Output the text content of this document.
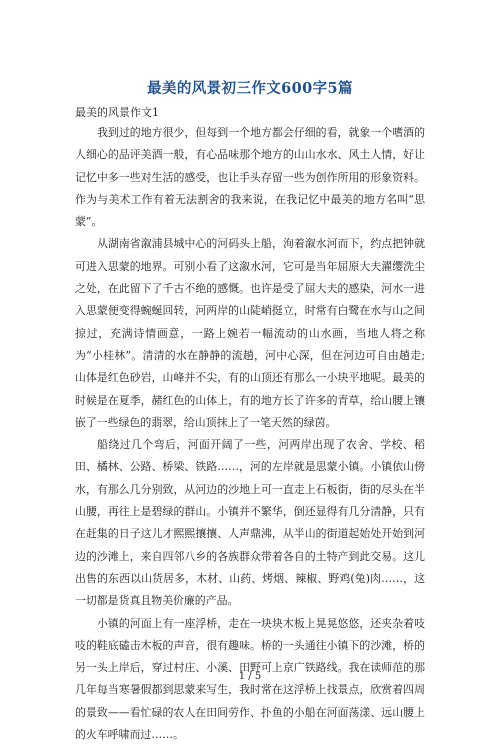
最美的风景初三作文600字5篇
最美的风景作文1

我到过的地方很少，但每到一个地方都会仔细的看，就象一个嗜酒的人细心的品评美酒一般，有心品味那个地方的山山水水、风土人情，好让记忆中多一些对生活的感受，也让手头存留一些为创作所用的形象资料。作为与美术工作有着无法割舍的我来说，在我记忆中最美的地方名叫“思蒙”。

从湖南省溆浦县城中心的河码头上船，洵着溆水河而下，约点把钟就可进入思蒙的地界。可别小看了这溆水河，它可是当年屈原大夫濯缨洗尘之处，在此留下了千古不绝的感慨。也许是受了屈大夫的感染，河水一进入思蒙便变得蜿蜒回转，河两岸的山陡峭挺立，时常有白鹭在水与山之间掠过，充满诗情画意，一路上婉若一幅流动的山水画，当地人将之称为“小桂林”。清清的水在静静的流趟，河中心深，但在河边可自由趟走;山体是红色砂岩，山峰并不尖，有的山顶还有那么一小块平地呢。最美的时候是在夏季，赭红色的山体上，有的地方长了许多的青草，给山腰上镶嵌了一些绿色的翡翠，给山顶抹上了一笔天然的绿茵。

船绕过几个弯后，河面开阔了一些，河两岸出现了农舍、学校、稻田、橘林、公路、桥梁、铁路……，河的左岸就是思蒙小镇。小镇依山傍水，有那么几分别致，从河边的沙地上可一直走上石板街，街的尽头在半山腰，再往上是碧绿的群山。小镇并不繁华，倒还显得有几分清静，只有在赶集的日子这儿才熙熙攘攘、人声鼎沸，从半山的街道起始处开始到河边的沙滩上，来自四邻八乡的各族群众带着各自的土特产到此交易。这儿出售的东西以山货居多，木材、山药、烤烟、辣椒、野鸡(兔)肉……，这一切都是货真且物美价廉的产品。

小镇的河面上有一座浮桥，走在一块块木板上晃晃悠悠，还夹杂着吱吱的鞋底磕击木板的声音，很有趣味。桥的一头通往小镇下的沙滩，桥的另一头上岸后，穿过村庄、小溪、田野可上京广铁路线。我在读师范的那几年每当寒暑假都到思蒙来写生，我时常在这浮桥上找景点，欣赏着四周的景致——看忙碌的农人在田间劳作、扑鱼的小船在河面荡漾、远山腰上的火车呼啸而过……。

1 / 5
